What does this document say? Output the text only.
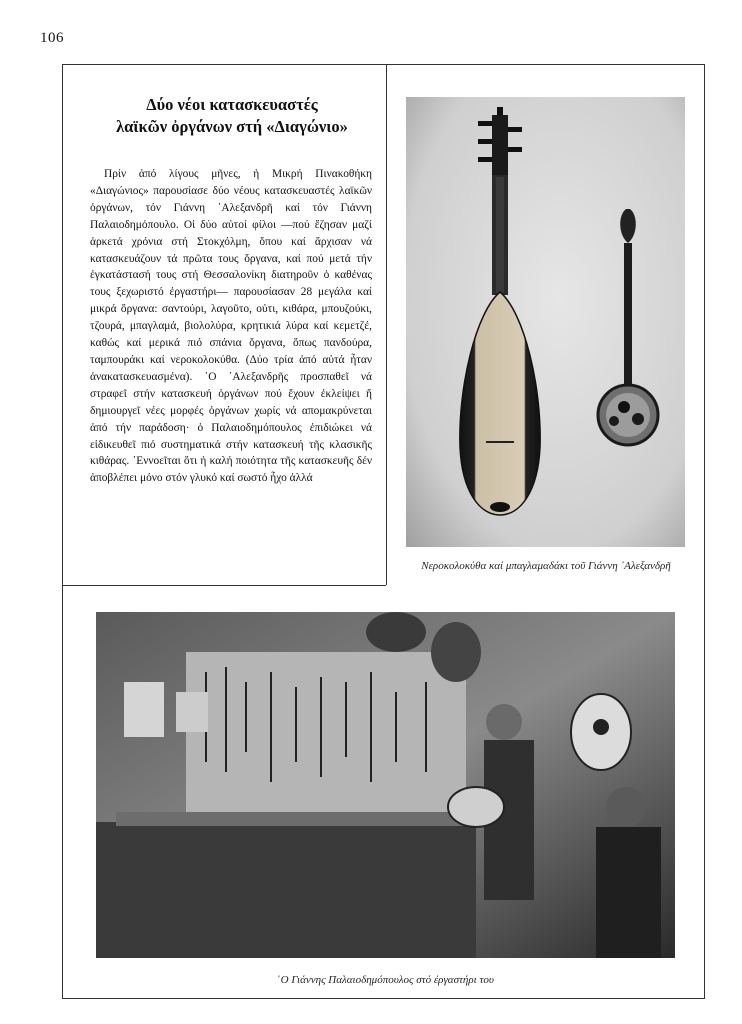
106
Δύο νέοι κατασκευαστές
λαϊκῶν ὀργάνων στή «Διαγώνιο»

Πρίν ἀπό λίγους μῆνες, ἡ Μικρή Πινακοθήκη «Διαγώνιος» παρουσίασε δύο νέους κατασκευαστές λαϊκῶν ὀργάνων, τόν Γιάννη ᾿Αλεξανδρῆ καί τόν Γιάννη Παλαιοδημόπουλο. Οἱ δύο αὐτοί φίλοι —πού ἔζησαν μαζί ἀρκετά χρόνια στή Στοκχόλμη, ὅπου καί ἄρχισαν νά κατασκευάζουν τά πρῶτα τους ὄργανα, καί πού μετά τήν ἐγκατάστασή τους στή Θεσσαλονίκη διατηροῦν ὁ καθένας τους ξεχωριστό ἐργαστήρι— παρουσίασαν 28 μεγάλα καί μικρά ὄργανα: σαντούρι, λαγοῦτο, οὐτι, κιθάρα, μπουζούκι, τζουρά, μπαγλαμά, βιολολύρα, κρητικιά λύρα καί κεμετζέ, καθώς καί μερικά πιό σπάνια ὄργανα, ὅπως πανδούρα, ταμπουράκι καί νεροκολοκύθα. (Δύο τρία ἀπό αὐτά ἦταν ἀνακατασκευασμένα). ῾Ο ᾿Αλεξανδρῆς προσπαθεῖ νά στραφεῖ στήν κατασκευή ὀργάνων πού ἔχουν ἐκλείψει ἤ δημιουργεῖ νέες μορφές ὀργάνων χωρίς νά απομακρύνεται ἀπό τήν παράδοση· ὁ Παλαιοδημόπουλος ἐπιδιώκει νά εἰδικευθεῖ πιό συστηματικά στήν κατασκευή τῆς κλασικῆς κιθάρας. ᾿Εννοεῖται ὅτι ἡ καλή ποιότητα τῆς κατασκευῆς δέν ἀποβλέπει μόνο στόν γλυκό καί σωστό ἦχο ἀλλά

Νεροκολοκύθα καί μπαγλαμαδάκι τοῦ Γιάννη ᾿Αλεξανδρῆ
῾Ο Γιάννης Παλαιοδημόπουλος στό ἐργαστήρι του
